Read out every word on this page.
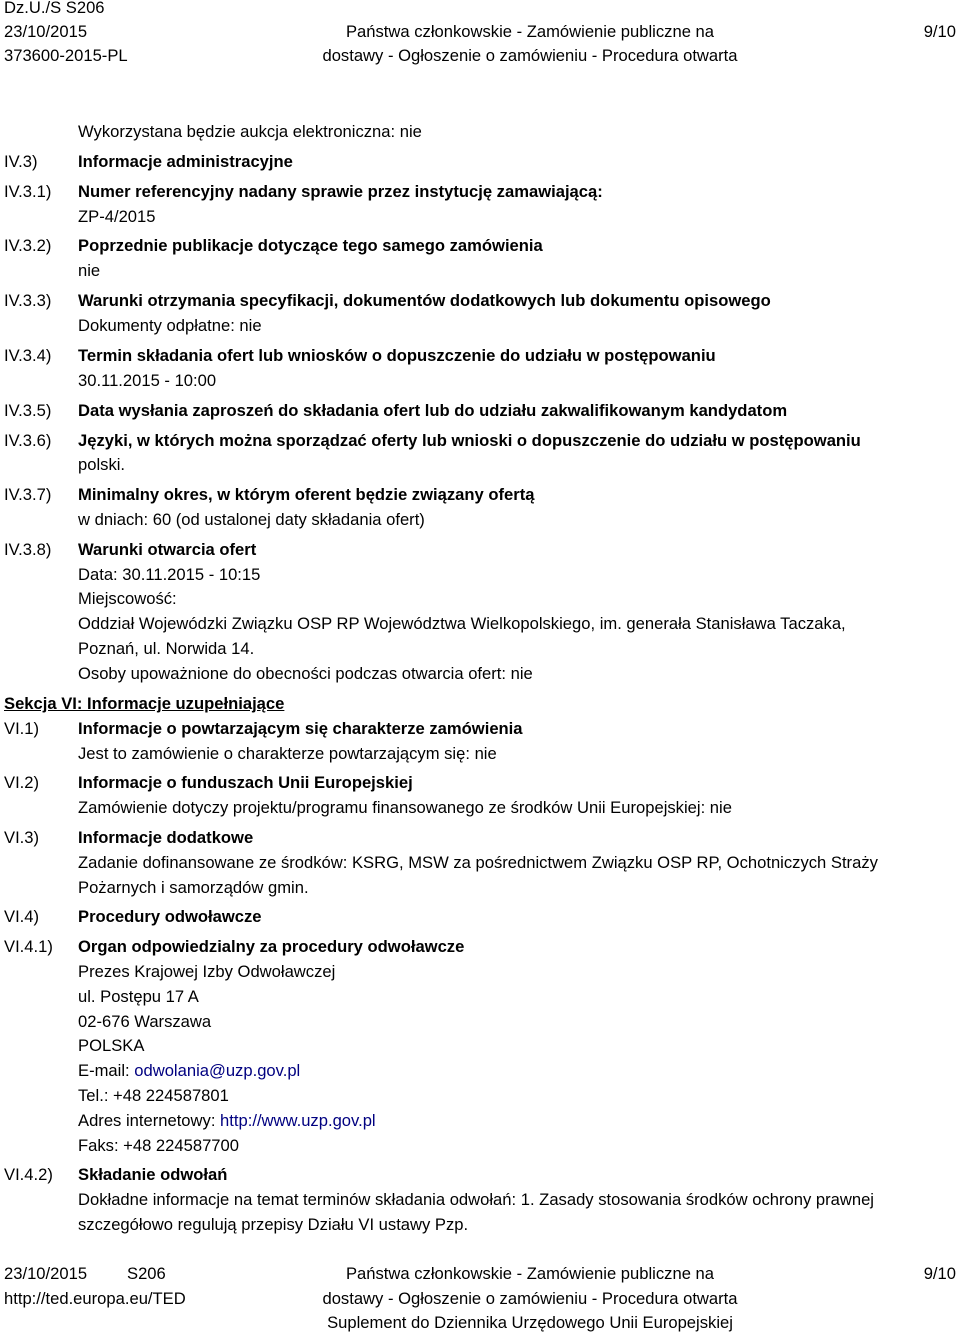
Dz.U./S S206
23/10/2015
373600-2015-PL
Państwa członkowskie - Zamówienie publiczne na
dostawy - Ogłoszenie o zamówieniu - Procedura otwarta
9/10
Wykorzystana będzie aukcja elektroniczna: nie
IV.3) Informacje administracyjne
IV.3.1) Numer referencyjny nadany sprawie przez instytucję zamawiającą:
ZP-4/2015
IV.3.2) Poprzednie publikacje dotyczące tego samego zamówienia
nie
IV.3.3) Warunki otrzymania specyfikacji, dokumentów dodatkowych lub dokumentu opisowego
Dokumenty odpłatne: nie
IV.3.4) Termin składania ofert lub wniosków o dopuszczenie do udziału w postępowaniu
30.11.2015 - 10:00
IV.3.5) Data wysłania zaproszeń do składania ofert lub do udziału zakwalifikowanym kandydatom
IV.3.6) Języki, w których można sporządzać oferty lub wnioski o dopuszczenie do udziału w postępowaniu
polski.
IV.3.7) Minimalny okres, w którym oferent będzie związany ofertą
w dniach: 60 (od ustalonej daty składania ofert)
IV.3.8) Warunki otwarcia ofert
Data: 30.11.2015 - 10:15
Miejscowość:
Oddział Wojewódzki Związku OSP RP Województwa Wielkopolskiego, im. generała Stanisława Taczaka,
Poznań, ul. Norwida 14.
Osoby upoważnione do obecności podczas otwarcia ofert: nie
Sekcja VI: Informacje uzupełniające
VI.1) Informacje o powtarzającym się charakterze zamówienia
Jest to zamówienie o charakterze powtarzającym się: nie
VI.2) Informacje o funduszach Unii Europejskiej
Zamówienie dotyczy projektu/programu finansowanego ze środków Unii Europejskiej: nie
VI.3) Informacje dodatkowe
Zadanie dofinansowane ze środków: KSRG, MSW za pośrednictwem Związku OSP RP, Ochotniczych Straży
Pożarnych i samorządów gmin.
VI.4) Procedury odwoławcze
VI.4.1) Organ odpowiedzialny za procedury odwoławcze
Prezes Krajowej Izby Odwoławczej
ul. Postępu 17 A
02-676 Warszawa
POLSKA
E-mail: odwolania@uzp.gov.pl
Tel.: +48 224587801
Adres internetowy: http://www.uzp.gov.pl
Faks: +48 224587700
VI.4.2) Składanie odwołań
Dokładne informacje na temat terminów składania odwołań: 1. Zasady stosowania środków ochrony prawnej
szczegółowo regulują przepisy Działu VI ustawy Pzp.
23/10/2015 S206
http://ted.europa.eu/TED
Państwa członkowskie - Zamówienie publiczne na
dostawy - Ogłoszenie o zamówieniu - Procedura otwarta
Suplement do Dziennika Urzędowego Unii Europejskiej
9/10
